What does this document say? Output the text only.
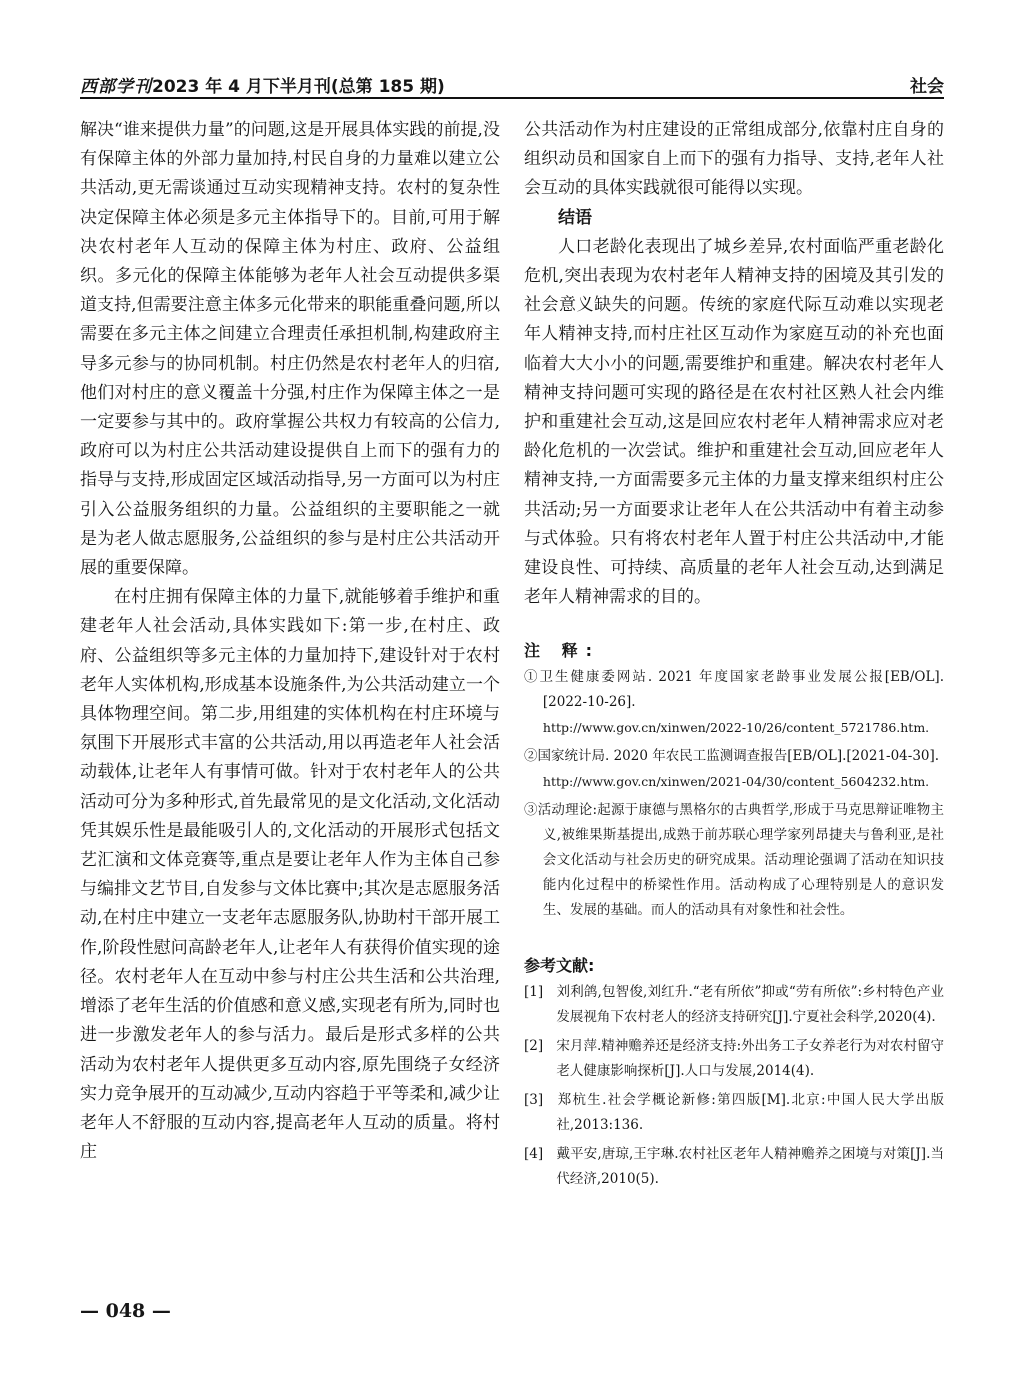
西部学刊2023 年 4 月下半月刊(总第 185 期)	社会

解决“谁来提供力量”的问题,这是开展具体实践的前提,没有保障主体的外部力量加持,村民自身的力量难以建立公共活动,更无需谈通过互动实现精神支持。农村的复杂性决定保障主体必须是多元主体指导下的。目前,可用于解决农村老年人互动的保障主体为村庄、政府、公益组织。多元化的保障主体能够为老年人社会互动提供多渠道支持,但需要注意主体多元化带来的职能重叠问题,所以需要在多元主体之间建立合理责任承担机制,构建政府主导多元参与的协同机制。村庄仍然是农村老年人的归宿,他们对村庄的意义覆盖十分强,村庄作为保障主体之一是一定要参与其中的。政府掌握公共权力有较高的公信力,政府可以为村庄公共活动建设提供自上而下的强有力的指导与支持,形成固定区域活动指导,另一方面可以为村庄引入公益服务组织的力量。公益组织的主要职能之一就是为老人做志愿服务,公益组织的参与是村庄公共活动开展的重要保障。

在村庄拥有保障主体的力量下,就能够着手维护和重建老年人社会活动,具体实践如下:第一步,在村庄、政府、公益组织等多元主体的力量加持下,建设针对于农村老年人实体机构,形成基本设施条件,为公共活动建立一个具体物理空间。第二步,用组建的实体机构在村庄环境与氛围下开展形式丰富的公共活动,用以再造老年人社会活动载体,让老年人有事情可做。针对于农村老年人的公共活动可分为多种形式,首先最常见的是文化活动,文化活动凭其娱乐性是最能吸引人的,文化活动的开展形式包括文艺汇演和文体竞赛等,重点是要让老年人作为主体自己参与编排文艺节目,自发参与文体比赛中;其次是志愿服务活动,在村庄中建立一支老年志愿服务队,协助村干部开展工作,阶段性慰问高龄老年人,让老年人有获得价值实现的途径。农村老年人在互动中参与村庄公共生活和公共治理,增添了老年生活的价值感和意义感,实现老有所为,同时也进一步激发老年人的参与活力。最后是形式多样的公共活动为农村老年人提供更多互动内容,原先围绕子女经济实力竞争展开的互动减少,互动内容趋于平等柔和,减少让老年人不舒服的互动内容,提高老年人互动的质量。将村庄

公共活动作为村庄建设的正常组成部分,依靠村庄自身的组织动员和国家自上而下的强有力指导、支持,老年人社会互动的具体实践就很可能得以实现。

结语

人口老龄化表现出了城乡差异,农村面临严重老龄化危机,突出表现为农村老年人精神支持的困境及其引发的社会意义缺失的问题。传统的家庭代际互动难以实现老年人精神支持,而村庄社区互动作为家庭互动的补充也面临着大大小小的问题,需要维护和重建。解决农村老年人精神支持问题可实现的路径是在农村社区熟人社会内维护和重建社会互动,这是回应农村老年人精神需求应对老龄化危机的一次尝试。维护和重建社会互动,回应老年人精神支持,一方面需要多元主体的力量支撑来组织村庄公共活动;另一方面要求让老年人在公共活动中有着主动参与式体验。只有将农村老年人置于村庄公共活动中,才能建设良性、可持续、高质量的老年人社会互动,达到满足老年人精神需求的目的。

注 释:
①卫生健康委网站. 2021 年度国家老龄事业发展公报[EB/OL].[2022-10-26].
http://www.gov.cn/xinwen/2022-10/26/content_5721786.htm.
②国家统计局. 2020 年农民工监测调查报告[EB/OL].[2021-04-30].
http://www.gov.cn/xinwen/2021-04/30/content_5604232.htm.
③活动理论:起源于康德与黑格尔的古典哲学,形成于马克思辩证唯物主义,被维果斯基提出,成熟于前苏联心理学家列昂捷夫与鲁利亚,是社会文化活动与社会历史的研究成果。活动理论强调了活动在知识技能内化过程中的桥梁性作用。活动构成了心理特别是人的意识发生、发展的基础。而人的活动具有对象性和社会性。
参考文献:
[1] 刘利鸽,包智俊,刘红升.“老有所依”抑或“劳有所依”:乡村特色产业发展视角下农村老人的经济支持研究[J].宁夏社会科学,2020(4).
[2] 宋月萍.精神赡养还是经济支持:外出务工子女养老行为对农村留守老人健康影响探析[J].人口与发展,2014(4).
[3] 郑杭生.社会学概论新修:第四版[M].北京:中国人民大学出版社,2013:136.
[4] 戴平安,唐琼,王宇琳.农村社区老年人精神赡养之困境与对策[J].当代经济,2010(5).
— 048 —
